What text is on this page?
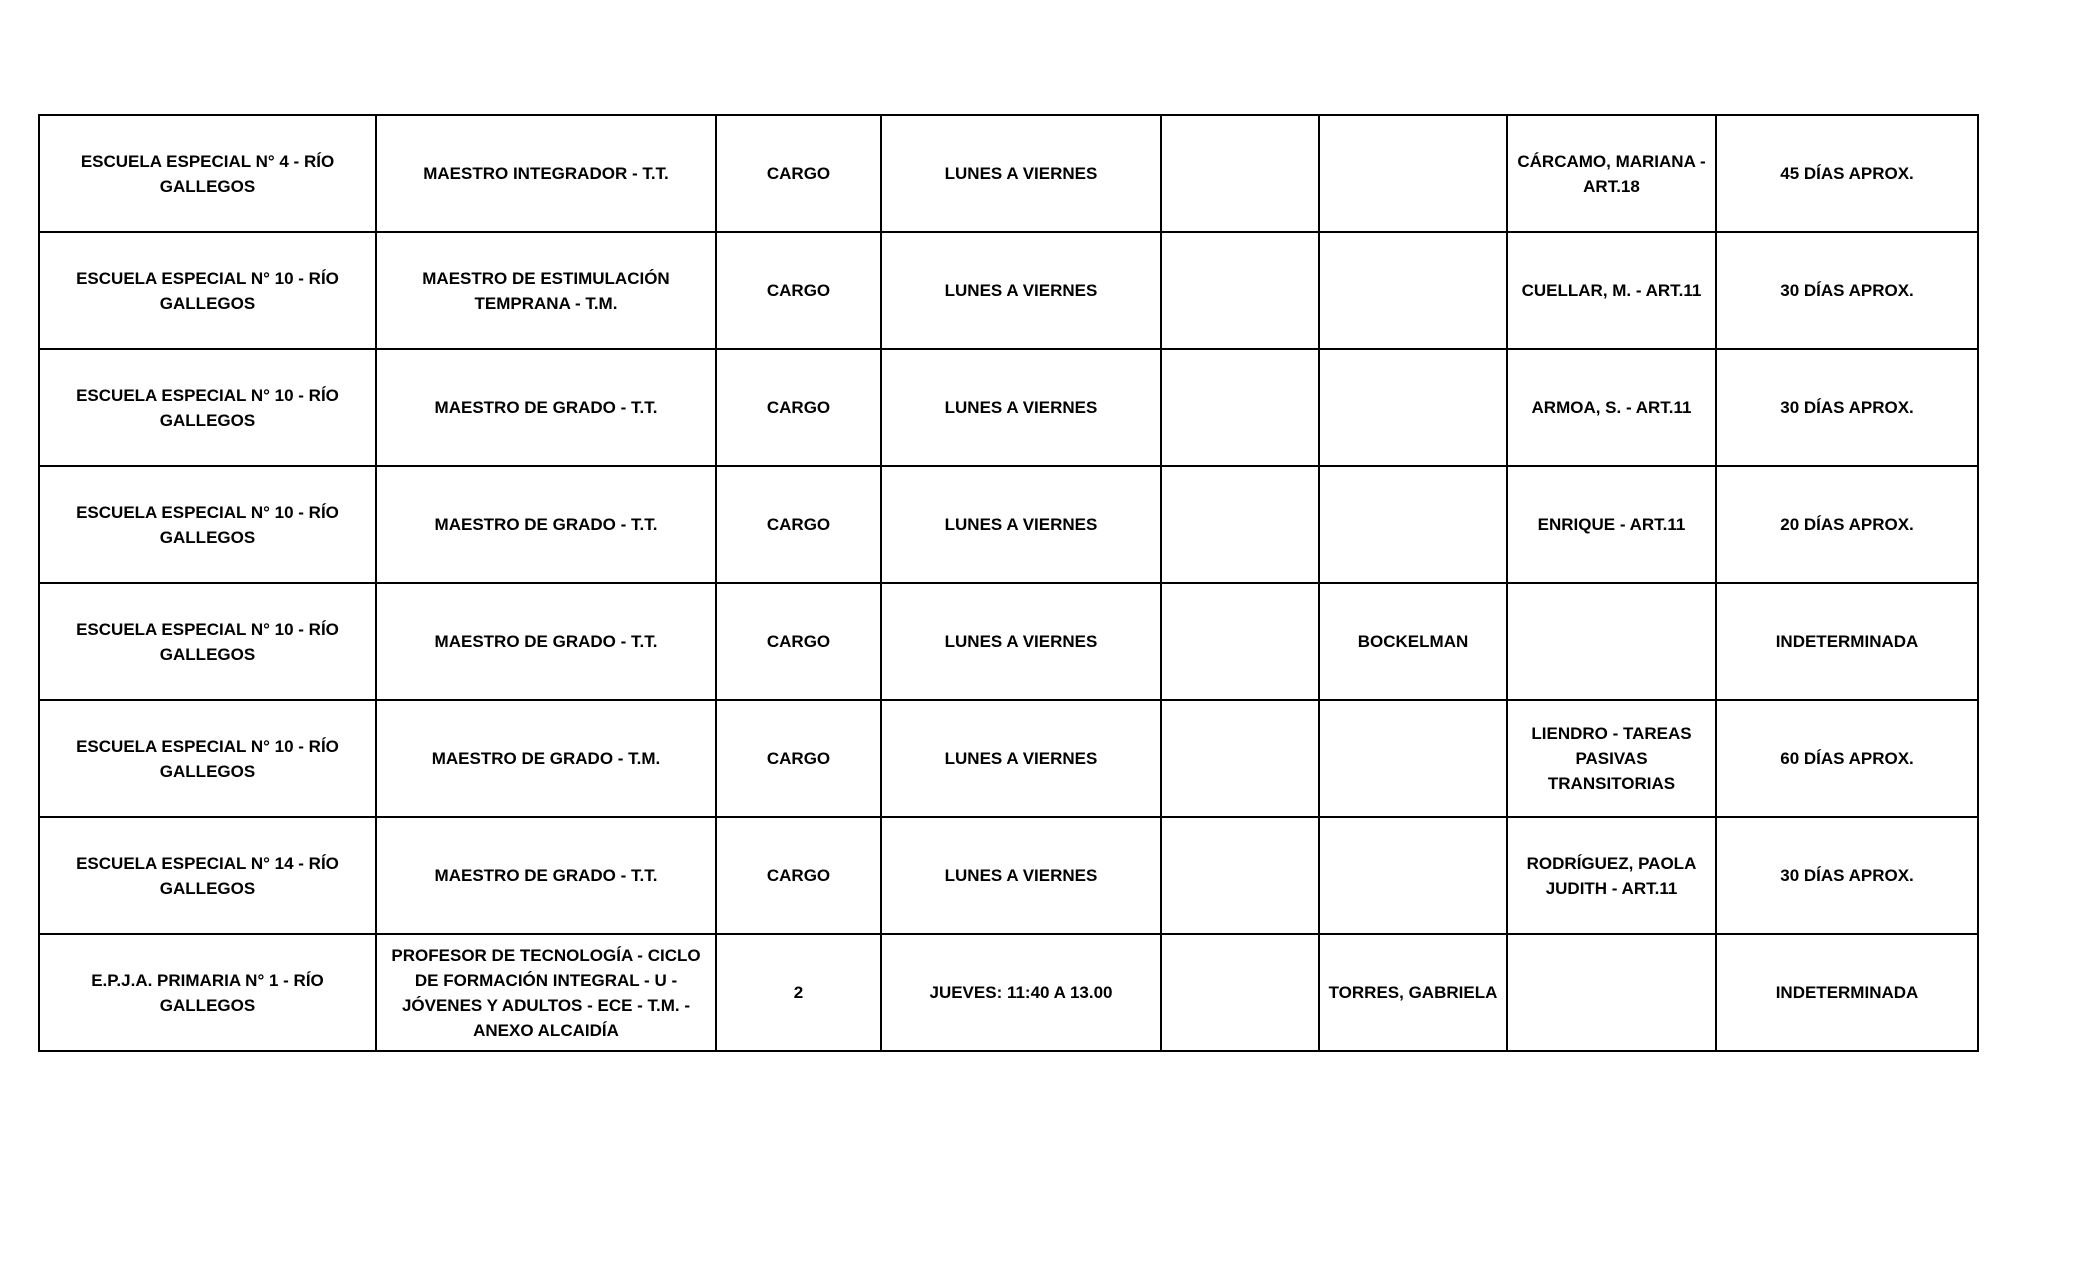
ESCUELA ESPECIAL N° 4 - RÍO GALLEGOS	MAESTRO INTEGRADOR - T.T.	CARGO	LUNES A VIERNES			CÁRCAMO, MARIANA - ART.18	45 DÍAS APROX.
ESCUELA ESPECIAL N° 10 - RÍO GALLEGOS	MAESTRO DE ESTIMULACIÓN TEMPRANA - T.M.	CARGO	LUNES A VIERNES			CUELLAR, M. - ART.11	30 DÍAS APROX.
ESCUELA ESPECIAL N° 10 - RÍO GALLEGOS	MAESTRO DE GRADO - T.T.	CARGO	LUNES A VIERNES			ARMOA, S. - ART.11	30 DÍAS APROX.
ESCUELA ESPECIAL N° 10 - RÍO GALLEGOS	MAESTRO DE GRADO - T.T.	CARGO	LUNES A VIERNES			ENRIQUE - ART.11	20 DÍAS APROX.
ESCUELA ESPECIAL N° 10 - RÍO GALLEGOS	MAESTRO DE GRADO - T.T.	CARGO	LUNES A VIERNES		BOCKELMAN		INDETERMINADA
ESCUELA ESPECIAL N° 10 - RÍO GALLEGOS	MAESTRO DE GRADO - T.M.	CARGO	LUNES A VIERNES			LIENDRO - TAREAS PASIVAS TRANSITORIAS	60 DÍAS APROX.
ESCUELA ESPECIAL N° 14 - RÍO GALLEGOS	MAESTRO DE GRADO - T.T.	CARGO	LUNES A VIERNES			RODRÍGUEZ, PAOLA JUDITH - ART.11	30 DÍAS APROX.
E.P.J.A. PRIMARIA N° 1 - RÍO GALLEGOS	PROFESOR DE TECNOLOGÍA - CICLO DE FORMACIÓN INTEGRAL - U - JÓVENES Y ADULTOS - ECE - T.M. - ANEXO ALCAIDÍA	2	JUEVES: 11:40 A 13.00		TORRES, GABRIELA		INDETERMINADA
